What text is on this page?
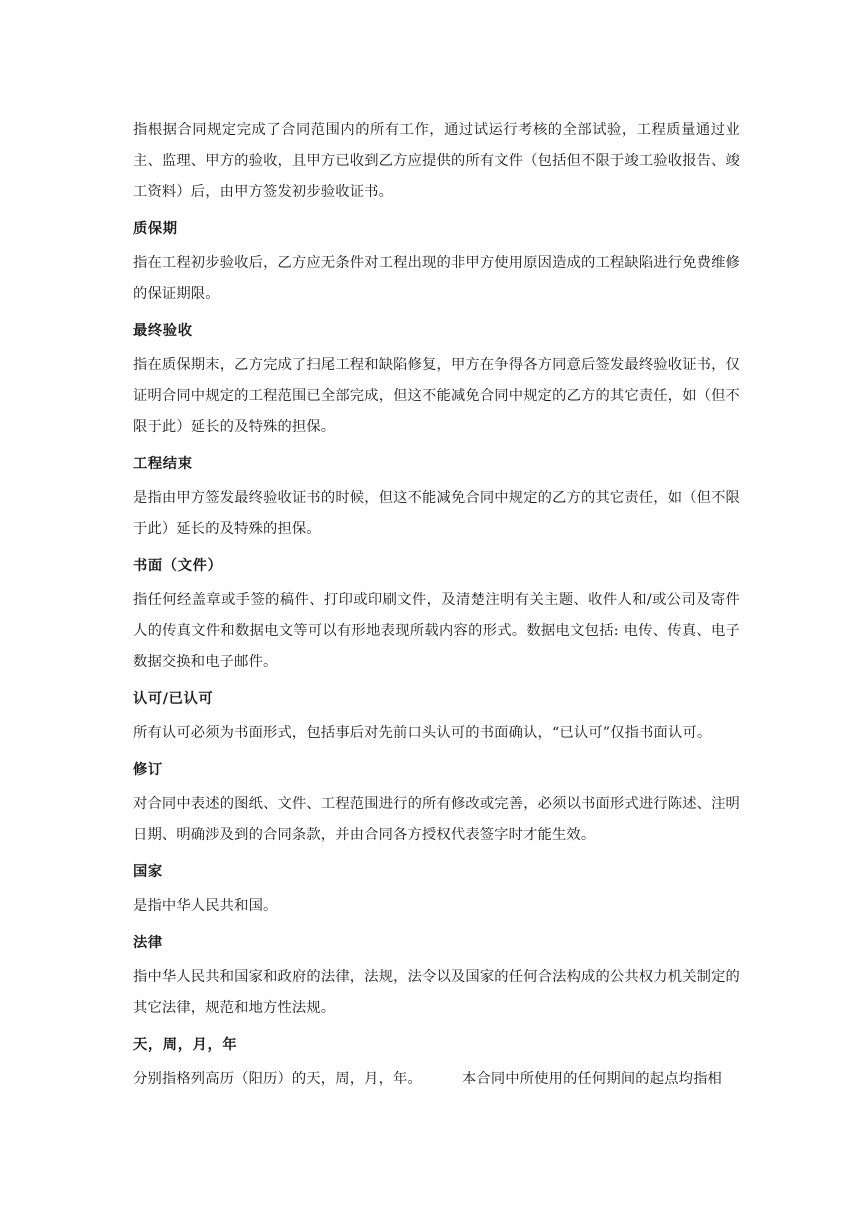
指根据合同规定完成了合同范围内的所有工作，通过试运行考核的全部试验，工程质量通过业主、监理、甲方的验收，且甲方已收到乙方应提供的所有文件（包括但不限于竣工验收报告、竣工资料）后，由甲方签发初步验收证书。

质保期

指在工程初步验收后，乙方应无条件对工程出现的非甲方使用原因造成的工程缺陷进行免费维修的保证期限。

最终验收

指在质保期末，乙方完成了扫尾工程和缺陷修复，甲方在争得各方同意后签发最终验收证书，仅证明合同中规定的工程范围已全部完成，但这不能减免合同中规定的乙方的其它责任，如（但不限于此）延长的及特殊的担保。

工程结束

是指由甲方签发最终验收证书的时候，但这不能减免合同中规定的乙方的其它责任，如（但不限于此）延长的及特殊的担保。

书面（文件）

指任何经盖章或手签的稿件、打印或印刷文件，及清楚注明有关主题、收件人和/或公司及寄件人的传真文件和数据电文等可以有形地表现所载内容的形式。数据电文包括: 电传、传真、电子数据交换和电子邮件。

认可/已认可

所有认可必须为书面形式，包括事后对先前口头认可的书面确认，“已认可”仅指书面认可。

修订

对合同中表述的图纸、文件、工程范围进行的所有修改或完善，必须以书面形式进行陈述、注明日期、明确涉及到的合同条款，并由合同各方授权代表签字时才能生效。

国家

是指中华人民共和国。

法律

指中华人民共和国家和政府的法律，法规，法令以及国家的任何合法构成的公共权力机关制定的其它法律，规范和地方性法规。

天，周，月，年

分别指格列高历（阳历）的天，周，月，年。	本合同中所使用的任何期间的起点均指相
